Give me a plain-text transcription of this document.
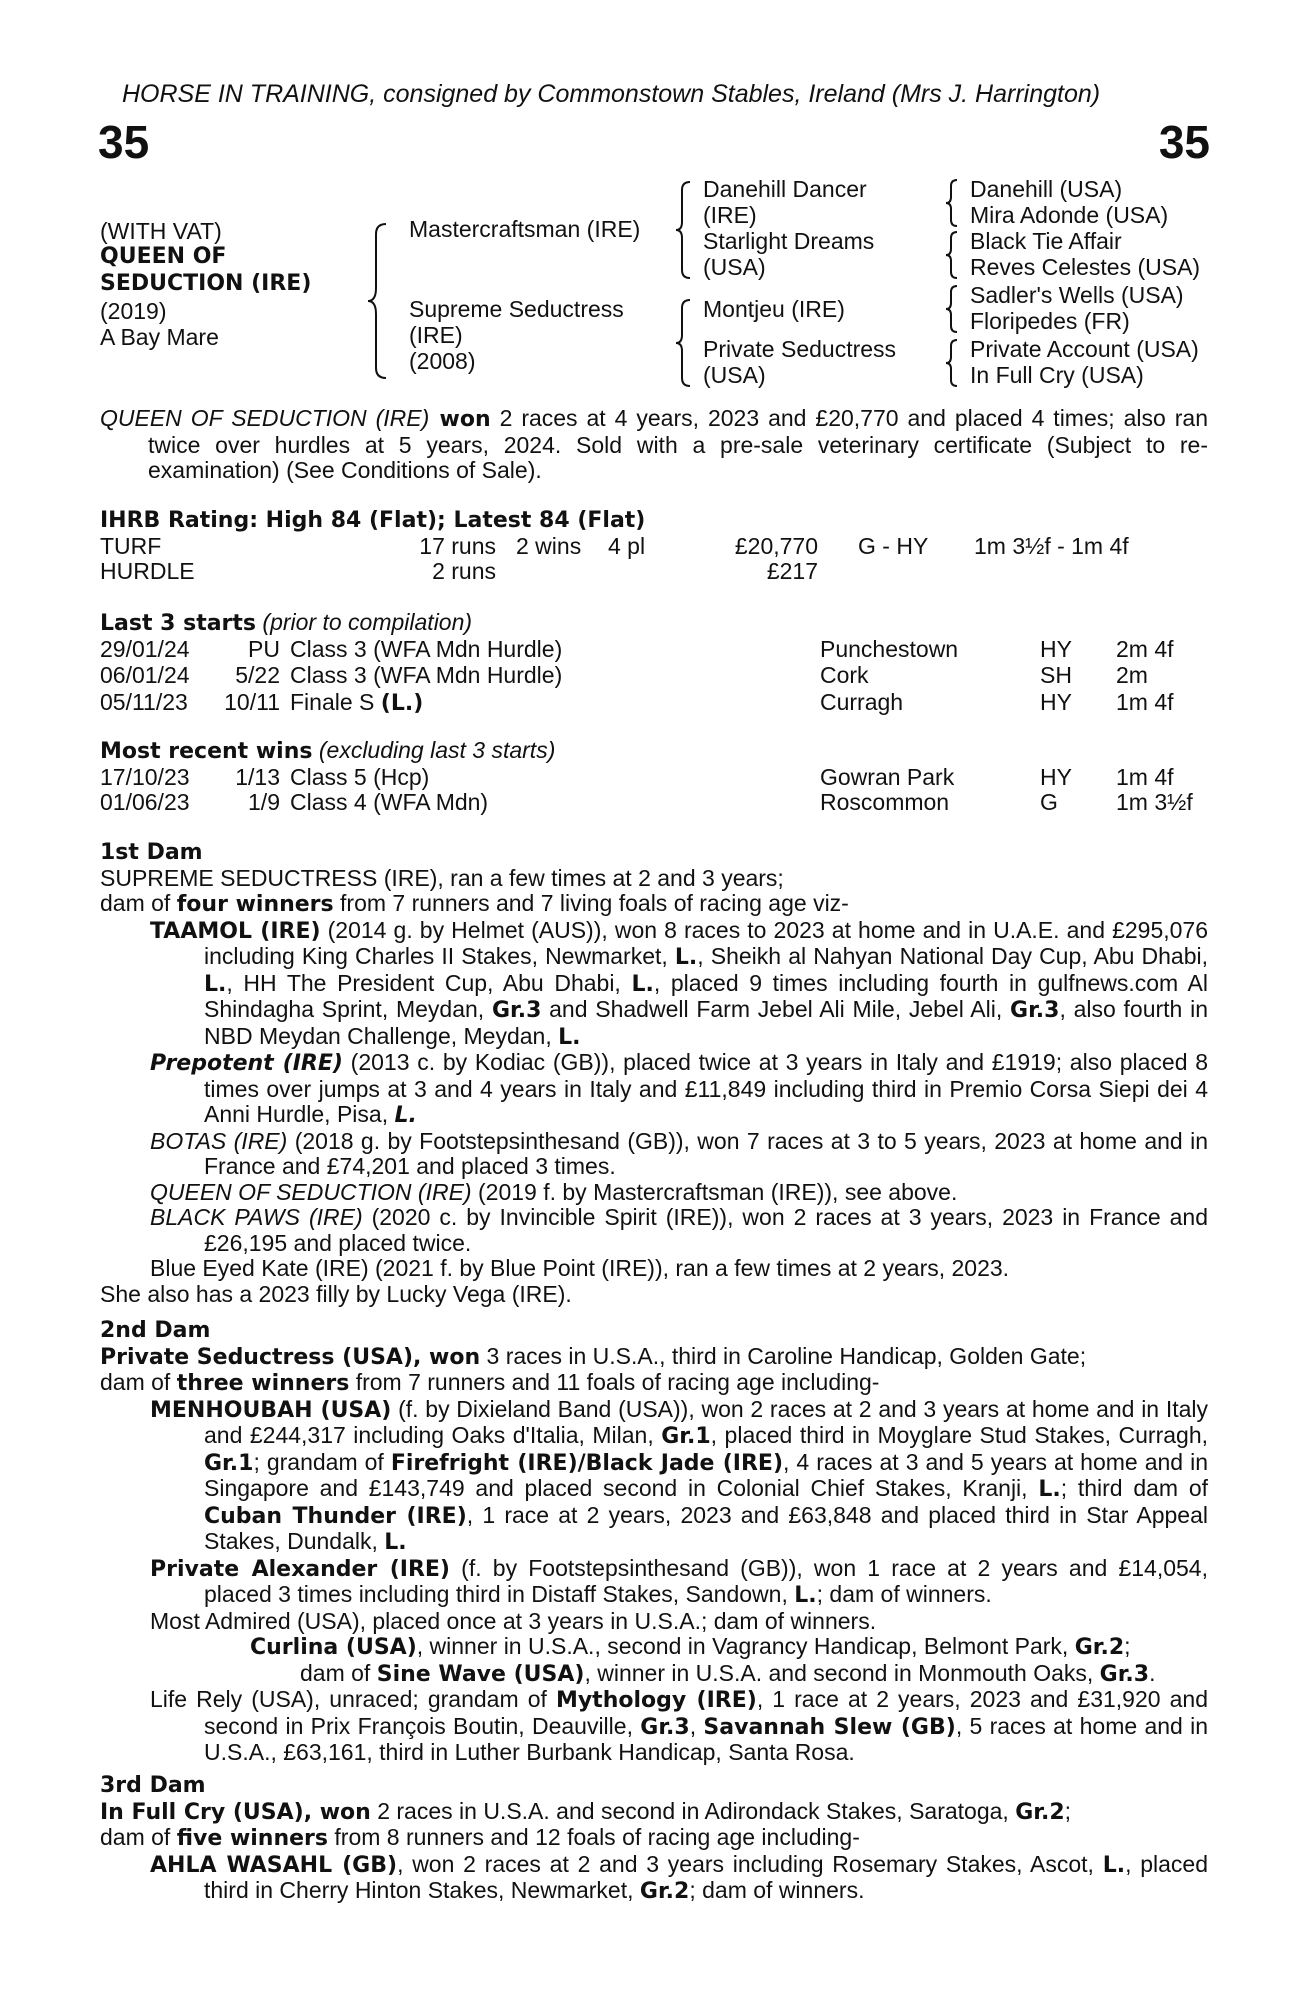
HORSE IN TRAINING, consigned by Commonstown Stables, Ireland (Mrs J. Harrington)
35	35
(WITH VAT)
QUEEN OF
SEDUCTION (IRE)
(2019)
A Bay Mare
Mastercraftsman (IRE)
Supreme Seductress
(IRE)
(2008)
Danehill Dancer
(IRE)
Starlight Dreams
(USA)
Montjeu (IRE)
Private Seductress
(USA)
Danehill (USA)
Mira Adonde (USA)
Black Tie Affair
Reves Celestes (USA)
Sadler's Wells (USA)
Floripedes (FR)
Private Account (USA)
In Full Cry (USA)

QUEEN OF SEDUCTION (IRE) won 2 races at 4 years, 2023 and £20,770 and placed 4 times; also ran twice over hurdles at 5 years, 2024. Sold with a pre-sale veterinary certificate (Subject to re-examination) (See Conditions of Sale).

IHRB Rating: High 84 (Flat); Latest 84 (Flat)
TURF	17 runs	2 wins	4 pl	£20,770	G - HY	1m 3½f - 1m 4f
HURDLE	2 runs			£217		
Last 3 starts (prior to compilation)
29/01/24	PU	Class 3 (WFA Mdn Hurdle)	Punchestown	HY	2m 4f
06/01/24	5/22	Class 3 (WFA Mdn Hurdle)	Cork	SH	2m
05/11/23	10/11	Finale S (L.)	Curragh	HY	1m 4f
Most recent wins (excluding last 3 starts)
17/10/23	1/13	Class 5 (Hcp)	Gowran Park	HY	1m 4f
01/06/23	1/9	Class 4 (WFA Mdn)	Roscommon	G	1m 3½f

1st Dam

SUPREME SEDUCTRESS (IRE), ran a few times at 2 and 3 years;

dam of four winners from 7 runners and 7 living foals of racing age viz-

TAAMOL (IRE) (2014 g. by Helmet (AUS)), won 8 races to 2023 at home and in U.A.E. and £295,076 including King Charles II Stakes, Newmarket, L., Sheikh al Nahyan National Day Cup, Abu Dhabi, L., HH The President Cup, Abu Dhabi, L., placed 9 times including fourth in gulfnews.com Al Shindagha Sprint, Meydan, Gr.3 and Shadwell Farm Jebel Ali Mile, Jebel Ali, Gr.3, also fourth in NBD Meydan Challenge, Meydan, L.

Prepotent (IRE) (2013 c. by Kodiac (GB)), placed twice at 3 years in Italy and £1919; also placed 8 times over jumps at 3 and 4 years in Italy and £11,849 including third in Premio Corsa Siepi dei 4 Anni Hurdle, Pisa, L.

BOTAS (IRE) (2018 g. by Footstepsinthesand (GB)), won 7 races at 3 to 5 years, 2023 at home and in France and £74,201 and placed 3 times.

QUEEN OF SEDUCTION (IRE) (2019 f. by Mastercraftsman (IRE)), see above.

BLACK PAWS (IRE) (2020 c. by Invincible Spirit (IRE)), won 2 races at 3 years, 2023 in France and £26,195 and placed twice.

Blue Eyed Kate (IRE) (2021 f. by Blue Point (IRE)), ran a few times at 2 years, 2023.

She also has a 2023 filly by Lucky Vega (IRE).

2nd Dam

Private Seductress (USA), won 3 races in U.S.A., third in Caroline Handicap, Golden Gate;

dam of three winners from 7 runners and 11 foals of racing age including-

MENHOUBAH (USA) (f. by Dixieland Band (USA)), won 2 races at 2 and 3 years at home and in Italy and £244,317 including Oaks d'Italia, Milan, Gr.1, placed third in Moyglare Stud Stakes, Curragh, Gr.1; grandam of Firefright (IRE)/Black Jade (IRE), 4 races at 3 and 5 years at home and in Singapore and £143,749 and placed second in Colonial Chief Stakes, Kranji, L.; third dam of Cuban Thunder (IRE), 1 race at 2 years, 2023 and £63,848 and placed third in Star Appeal Stakes, Dundalk, L.

Private Alexander (IRE) (f. by Footstepsinthesand (GB)), won 1 race at 2 years and £14,054, placed 3 times including third in Distaff Stakes, Sandown, L.; dam of winners.

Most Admired (USA), placed once at 3 years in U.S.A.; dam of winners.

Curlina (USA), winner in U.S.A., second in Vagrancy Handicap, Belmont Park, Gr.2;
dam of Sine Wave (USA), winner in U.S.A. and second in Monmouth Oaks, Gr.3.

Life Rely (USA), unraced; grandam of Mythology (IRE), 1 race at 2 years, 2023 and £31,920 and second in Prix François Boutin, Deauville, Gr.3, Savannah Slew (GB), 5 races at home and in U.S.A., £63,161, third in Luther Burbank Handicap, Santa Rosa.

3rd Dam

In Full Cry (USA), won 2 races in U.S.A. and second in Adirondack Stakes, Saratoga, Gr.2;

dam of five winners from 8 runners and 12 foals of racing age including-

AHLA WASAHL (GB), won 2 races at 2 and 3 years including Rosemary Stakes, Ascot, L., placed third in Cherry Hinton Stakes, Newmarket, Gr.2; dam of winners.
